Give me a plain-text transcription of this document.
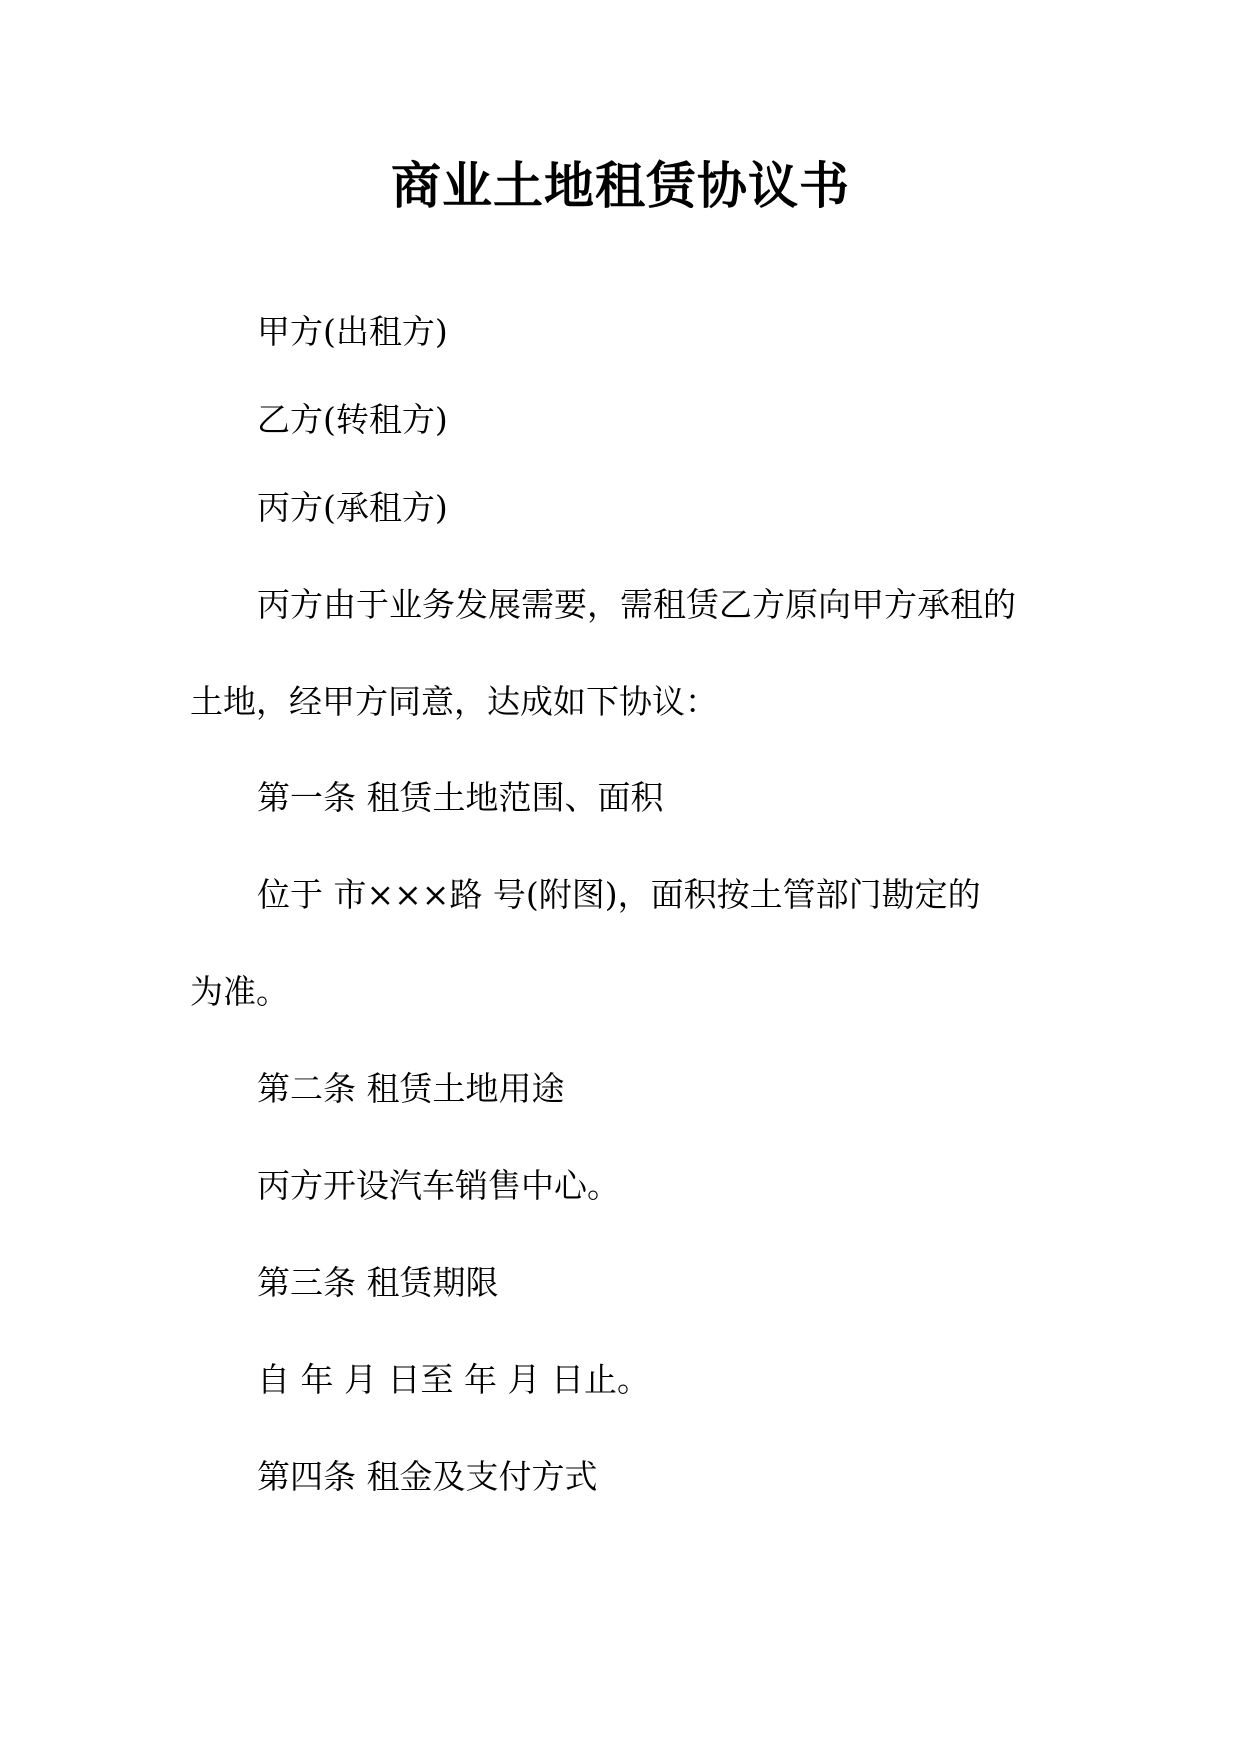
商业土地租赁协议书
甲方(出租方)
乙方(转租方)
丙方(承租方)
丙方由于业务发展需要，需租赁乙方原向甲方承租的
土地，经甲方同意，达成如下协议：
第一条 租赁土地范围、面积
位于 市×××路 号(附图)，面积按土管部门勘定的
为准。
第二条 租赁土地用途
丙方开设汽车销售中心。
第三条 租赁期限
自 年 月 日至 年 月 日止。
第四条 租金及支付方式
